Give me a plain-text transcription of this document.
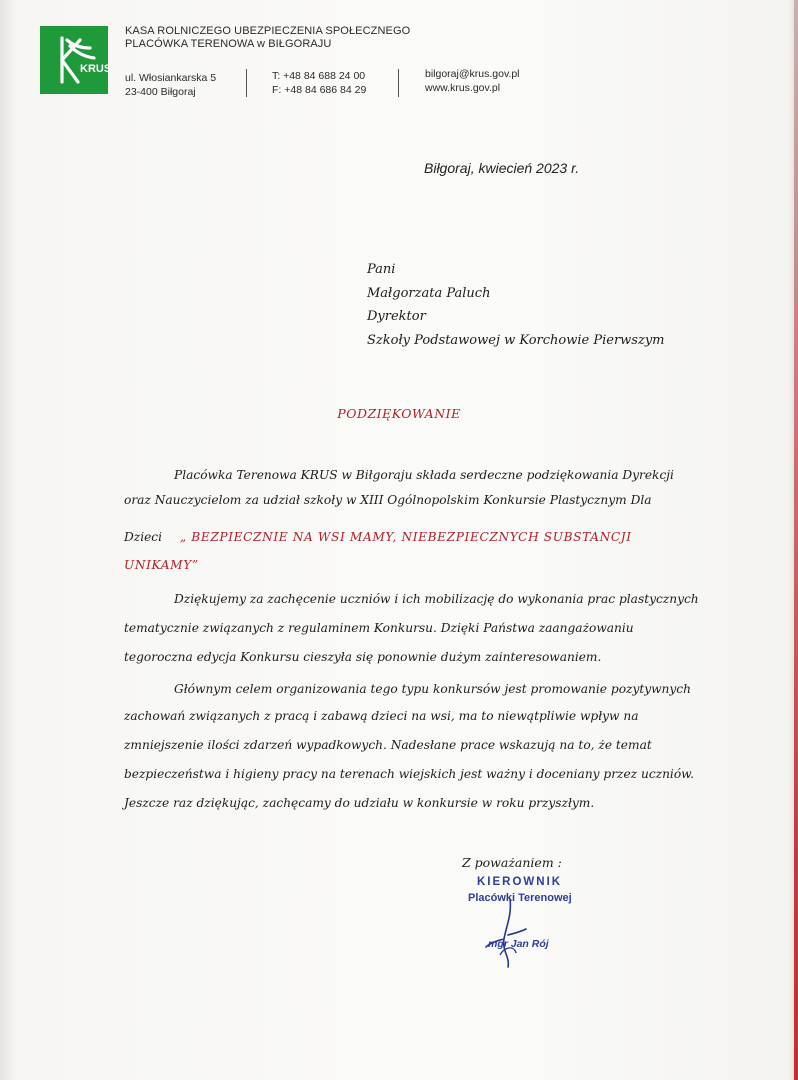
KRUS
KASA ROLNICZEGO UBEZPIECZENIA SPOŁECZNEGO
PLACÓWKA TERENOWA w BIŁGORAJU
ul. Włosiankarska 5
23-400 Biłgoraj
T: +48 84 688 24 00
F: +48 84 686 84 29
bilgoraj@krus.gov.pl
www.krus.gov.pl
Biłgoraj, kwiecień 2023 r.
Pani
Małgorzata Paluch
Dyrektor
Szkoły Podstawowej w Korchowie Pierwszym
PODZIĘKOWANIE
Placówka Terenowa KRUS w Biłgoraju składa serdeczne podziękowania Dyrekcji
oraz Nauczycielom za udział szkoły w XIII Ogólnopolskim Konkursie Plastycznym Dla
Dzieci „ BEZPIECZNIE NA WSI MAMY, NIEBEZPIECZNYCH SUBSTANCJI
UNIKAMY”
Dziękujemy za zachęcenie uczniów i ich mobilizację do wykonania prac plastycznych
tematycznie związanych z regulaminem Konkursu. Dzięki Państwa zaangażowaniu
tegoroczna edycja Konkursu cieszyła się ponownie dużym zainteresowaniem.
Głównym celem organizowania tego typu konkursów jest promowanie pozytywnych
zachowań związanych z pracą i zabawą dzieci na wsi, ma to niewątpliwie wpływ na
zmniejszenie ilości zdarzeń wypadkowych. Nadesłane prace wskazują na to, że temat
bezpieczeństwa i higieny pracy na terenach wiejskich jest ważny i doceniany przez uczniów.
Jeszcze raz dziękując, zachęcamy do udziału w konkursie w roku przyszłym.
Z poważaniem :
KIEROWNIK
Placówki Terenowej
mgr Jan Rój
